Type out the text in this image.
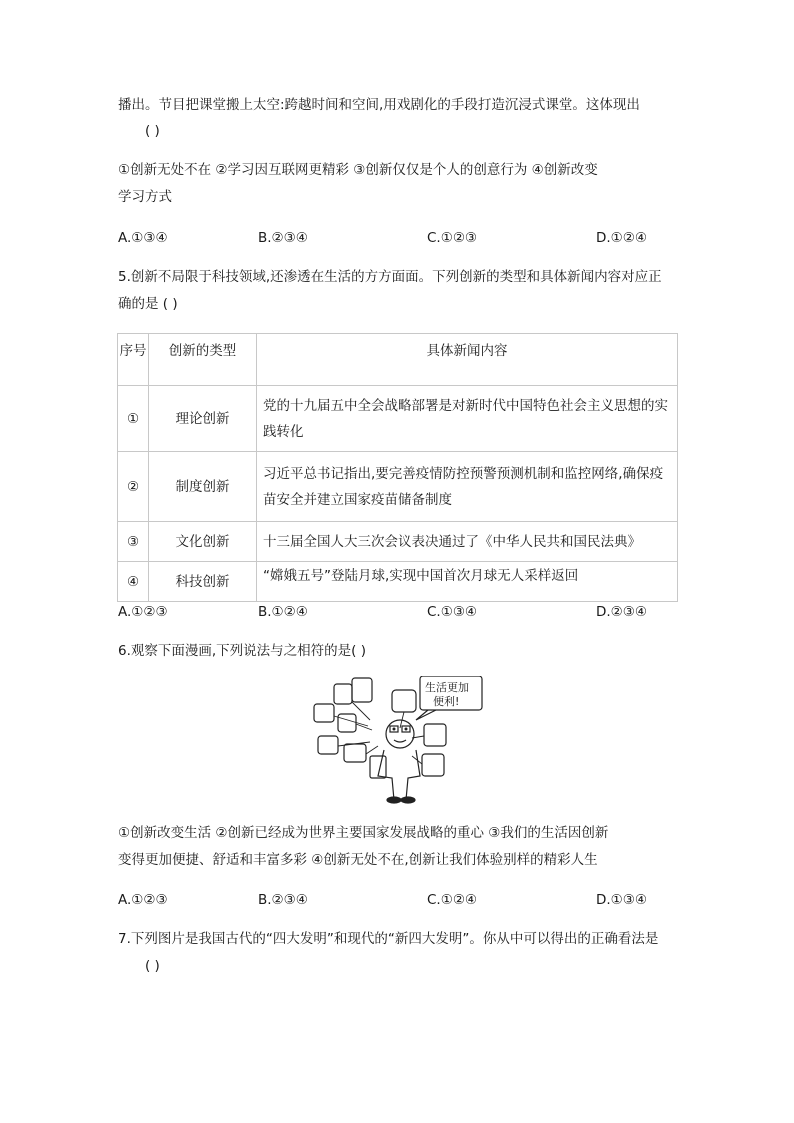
播出。节目把课堂搬上太空:跨越时间和空间,用戏剧化的手段打造沉浸式课堂。这体现出
( )
①创新无处不在 ②学习因互联网更精彩 ③创新仅仅是个人的创意行为 ④创新改变
学习方式
A.①③④	B.②③④	C.①②③	D.①②④
5.创新不局限于科技领域,还渗透在生活的方方面面。下列创新的类型和具体新闻内容对应正
确的是 ( )
序号	创新的类型	具体新闻内容
①	理论创新	党的十九届五中全会战略部署是对新时代中国特色社会主义思想的实践转化
②	制度创新	习近平总书记指出,要完善疫情防控预警预测机制和监控网络,确保疫苗安全并建立国家疫苗储备制度
③	文化创新	十三届全国人大三次会议表决通过了《中华人民共和国民法典》
④	科技创新	“嫦娥五号”登陆月球,实现中国首次月球无人采样返回
A.①②③	B.①②④	C.①③④	D.②③④
6.观察下面漫画,下列说法与之相符的是( )
生活更加
便利!
①创新改变生活 ②创新已经成为世界主要国家发展战略的重心 ③我们的生活因创新
变得更加便捷、舒适和丰富多彩 ④创新无处不在,创新让我们体验别样的精彩人生
A.①②③	B.②③④	C.①②④	D.①③④
7.下列图片是我国古代的“四大发明”和现代的“新四大发明”。你从中可以得出的正确看法是
( )
